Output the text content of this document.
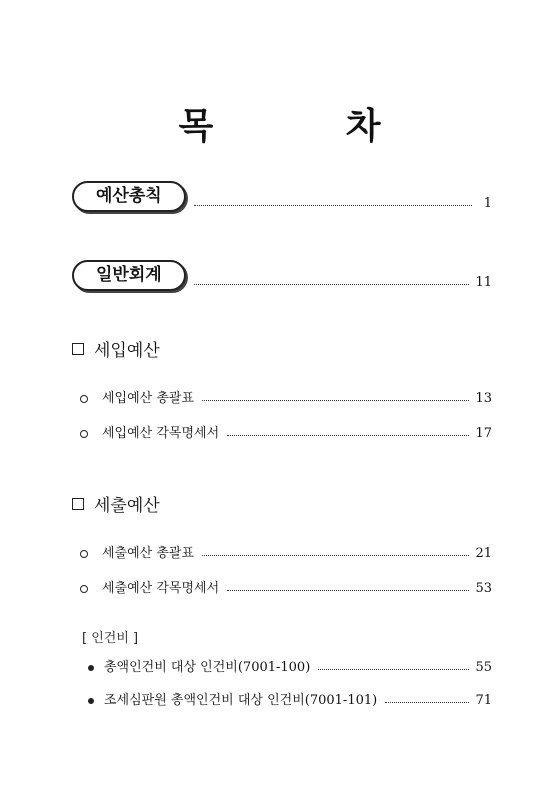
목 차
예산총칙	1
일반회계	11
세입예산
세입예산 총괄표	13
세입예산 각목명세서	17
세출예산
세출예산 총괄표	21
세출예산 각목명세서	53
[ 인건비 ]
총액인건비 대상 인건비(7001-100)	55
조세심판원 총액인건비 대상 인건비(7001-101)	71
